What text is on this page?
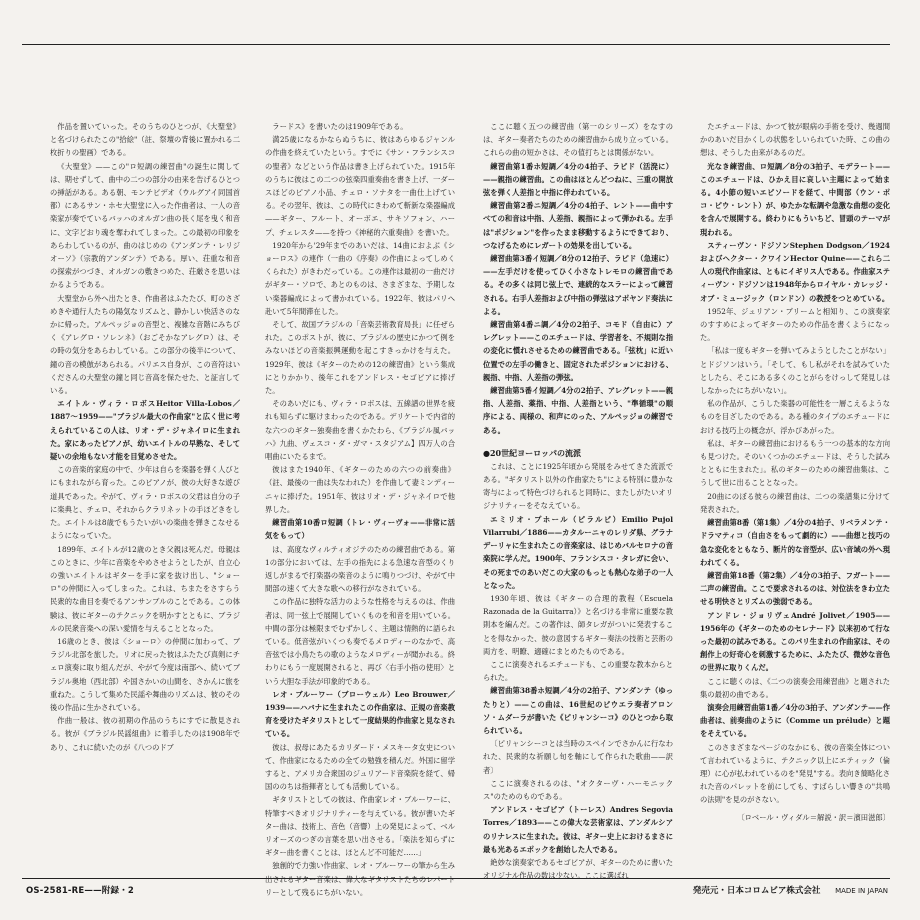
作品を置いていった。そのうちのひとつが、《大聖堂》と名づけられたこの"拾絵"（註、祭壇の背後に置かれる二枚折りの聖画）である。

《大聖堂》——この"ロ短調の練習曲"の誕生に関しては、期せずして、曲中の二つの部分の由来を告げるひとつの挿話がある。ある朝、モンテビデオ（ウルグアイ同国首都）にあるサン・ホセ大聖堂に入った作曲者は、一人の音楽家が奏でているバッハのオルガン曲の長く尾を曳く和音に、文字どおり魂を奪われてしまった。この最初の印象をあらわしているのが、曲のはじめの《アンダンテ・レリジオーソ》（宗教的アンダンテ）である。厚い、荘重な和音の探索がつづき、オルガンの敷きつめた、荘厳さを思いはかるようである。

大聖堂から外へ出たとき、作曲者はふたたび、町のさざめきや通行人たちの陽気なリズムと、静かしい快活さのなかに帰った。アルペッジョの音型と、複雑な音階にみちびく《アレグロ・ソレンネ》（おごそかなアレグロ）は、その時の気分をあらわしている。この部分の後半について、鐘の音の模倣があられる。パリエス自身が、この音符はいくださんの大聖堂の鐘と同じ音高を保たせた、と証言している。

エイトル・ヴィラ・ロボスHeitor Villa-Lobos／1887〜1959——"ブラジル最大の作曲家"と広く世に考えられているこの人は、リオ・デ・ジャネイロに生まれた。家にあったピアノが、幼いエイトルの早熟な、そして疑いの余地もない才能を目覚めさせた。

この音楽的家庭の中で、少年は自らを楽器を弾く人びとにもまれながら育った。このピアノが、彼の大好きな遊び道具であった。やがて、ヴィラ・ロボスの父君は自分の子に楽典と、チェロ、それからクラリネットの手ほどきをした。エイトルは8歳でもうたいがいの楽曲を弾きこなせるようになっていた。

1899年、エイトルが12歳のとき父親は死んだ。母親はこのときに、少年に音楽をやめさせようとしたが、自立心の強いエイトルはギターを手に家を抜け出し、"ショーロ"の仲間に入ってしまった。これは、ちまたをさすらう民衆的な曲目を奏でるアンサンブルのことである。この体験は、彼にギターのテクニックを明かすとともに、ブラジルの民衆音楽への深い愛情を与えることとなった。

16歳のとき、彼は〈ショーロ〉の仲間に加わって、ブラジル北部を旅した。リオに戻った彼はふたたび真剣にチェロ演奏に取り組んだが、やがて今度は南部へ、続いてブラジル奥地（西北部）や国さかいの山間を、さかんに旅を重ねた。こうして集めた民謡や舞曲のリズムは、彼のその後の作品に生かされている。

作曲一般は、彼の初期の作品のうちにすでに散見される。彼が《ブラジル民謡組曲》に着手したのは1908年であり、これに続いたのが《八つのドブ

ラードス》を書いたのは1909年である。

満25歳になるかならぬうちに、彼はあらゆるジャンルの作曲を終えていたという。すでに《サン・フランシスコの聖者》などという作品は書き上げられていた。1915年のうちに彼はこの二つの弦楽四重奏曲を書き上げ、一ダースほどのピアノ小品、チェロ・ソナタを一曲仕上げている。その翌年、彼は、この時代にきわめて斬新な楽器編成——ギター、フルート、オーボエ、サキソフォン、ハープ、チェレスタ——を持つ《神秘的六重奏曲》を書いた。

1920年から'29年までのあいだは、14曲におよぶ《ショーロス》の連作（一曲の《序奏》の作曲によってしめくくられた）がきわだっている。この連作は最初の一曲だけがギター・ソロで、あとのものは、さまざまな、予期しない楽器編成によって書かれている。1922年、彼はパリへ赴いて5年間滞在した。

そして、故国ブラジルの「音楽芸術教育局長」に任ぜられた。このポストが、彼に、ブラジルの歴史にかつて例をみないほどの音楽振興運動を起こすきっかけを与えた。1929年、彼は《ギターのための12の練習曲》という集成にとりかかり、後年これをアンドレス・セゴビアに捧げた。

そのあいだにも、ヴィラ・ロボスは、五線譜の世界を疲れも知らずに駆けまわったのである。デリケートで内省的な六つのギター独奏曲を書くかたわら、《ブラジル風バッハ》九曲、ヴェスコ・ダ・ガマ・スタジアム】四万人の合唱曲にいたるまで。

彼はまた1940年、《ギターのための六つの前奏曲》（註、最後の一曲は失なわれた）を作曲して妻ミンディーニャに捧げた。1951年、彼はリオ・デ・ジャネイロで他界した。

練習曲第10番ロ短調（トレ・ヴィーヴォ——非常に活気をもって）

は、高度なヴィルティオジテのための練習曲である。第1の部分においては、左手の指先による急速な音型のくり返しがまるで打楽器の楽音のように鳴りつづけ、やがて中間部の速くて大きな歌への移行がなされている。

この作品に独特な活力のような性格を与えるのは、作曲者は、同一弦上で展開していくものを和音を用いている。中間の部分は極限までむずかしく、主題は情熱的に語られている。低音弦がいくつも奏でるメロディーのなかで、高音弦では小鳥たちの歌のようなメロディーが聞かれる。終わりにもう一度展開されると、再び〈右手小指の使用〉という大胆な手法が印象的である。

レオ・ブルーワー（ブローウェル）Leo Brouwer／1939——ハバナに生まれたこの作曲家は、正規の音楽教育を受けたギタリストとして一度結果的作曲家と見なされている。

彼は、叔母にあたるカリダード・メスキータ女史について、作曲家になるための全ての勉強を積んだ。外国に留学すると、アメリカ合衆国のジュリアード音楽院を経て、帰国ののちは指揮者としても活動している。

ギタリストとしての彼は、作曲家レオ・ブルーワーに、特筆すべきオリジナリティーを与えている。彼が書いたギター曲は、技術上、音色（音響）上の発見によって、ベルリオーズのつぎの言葉を思い出させる。「楽法を知らずにギター曲を書くことは、ほとんど不可能だ……」

独創的で力強い作曲家、レオ・ブルーワーの筆から生み出されるギター音楽は、偉大なギタリストたちのレパートリーとして残るにちがいない。

ここに聴く五つの練習曲（第一のシリーズ）をなすのは、ギター奏者たちのための練習曲から成り立っている。これらの曲の短かさは、その值打ちとは関係がない。

練習曲第1番ホ短調／4分の4拍子、ラピド（活溌に）——親指の練習曲。この曲はほとんどつねに、三重の開放弦を弾く人差指と中指に伴われている。

練習曲第2番ニ短調／4分の4拍子、レント——曲中すべての和音は中指、人差指、親指によって弾かれる。左手は"ポジション"を作ったまま移動するようにできており、つなげるためにレガートの効果を出している。

練習曲第3番イ短調／8分の12拍子、ラピド（急速に）——左手だけを使ってひく小さなトレモロの練習曲である。その多くは同じ弦上で、連続的なスラーによって練習される。右手人差指および中指の弾弦はアポヤンド奏法による。

練習曲第4番ニ調／4分の2拍子、コモド（自由に）アレグレット——このエチュードは、学習者を、不規則な指の変化に慣れさせるための練習曲である。「弦枕」に近い位置での左手の働きと、固定されたポジションにおける、親指、中指、人差指の弾弦。

練習曲第5番イ短調／4分の2拍子、アレグレット——親指、人差指、薬指、中指、人差指という、"準循環"の順序による、両様の、和声にのった、アルペッジョの練習である。

●20世紀ヨーロッパの流派

これは、ことに1925年頃から発展をみせてきた流派である。"ギタリスト以外の作曲家たち"による特別に豊かな寄与によって特色づけられると同時に、またしがたいオリジナリティーをそなえている。

エミリオ・プホール（ピラルビ）Emilio Pujol Vilarrubi／1886——カタルーニャのレリダ県、グラナデーリャに生まれたこの音楽家は、はじめバルセロナの音楽院に学んだ。1900年、フランシスコ・タレガに会い、その死までのあいだこの大家のもっとも熱心な弟子の一人となった。

1930年頃、彼は《ギターの合理的教程（Escuela Razonada de la Guitarra）》と名づける非常に重要な教則本を編んだ。この著作は、師タレガがついに発表することを得なかった、彼の意図するギター奏法の技術と芸術の両方を、明瞭、適確にまとめたものである。

ここに演奏されるエチュードも、この重要な教本からとられた。

練習曲第38番ホ短調／4分の2拍子、アンダンテ（ゆったりと）——この曲は、16世紀のビウエラ奏者アロンソ・ムダーラが書いた《ピリャンシーコ》のひとつから取られている。

〔ピリャンシーコとは当時のスペインでさかんに行なわれた、民衆的な祈願し旬を軸にして作られた歌曲——訳者〕

ここに演奏されるのは、"オクターヴ・ハーモニックス"のためのものである。

アンドレス・セゴビア（トーレス）Andres Segovia Torres／1893——この偉大な芸術家は、アンダルシアのリナレスに生まれた。彼は、ギター史上におけるまさに最も光あるエポックを創始した人である。

絶妙な演奏家であるセゴビアが、ギターのために書いたオリジナル作品の数は少ない。ここに選ばれ

たエチュードは、かつて彼が眼病の手術を受け、幾週間かのあいだ目かくしの状態をしいられていた時、この曲の想は、そうした由来があるのだ。

光なき練習曲、ロ短調／8分の3拍子、モデラート——このエチュードは、ひかえ目に哀しい主題によって始まる。4小節の短いエピソードを経て、中間部（ウン・ポコ・ピウ・レント）が、ゆたかな転調や急激な曲想の変化を含んで展開する。終わりにもういちど、冒頭のテーマが現われる。

スティーヴン・ドジソンStephen Dodgson／1924およびヘクター・クワインHector Quine——これら二人の現代作曲家は、ともにイギリス人である。作曲家スティーヴン・ドジソンは1948年からロイヤル・カレッジ・オブ・ミュージック（ロンドン）の教授をつとめている。

1952年、ジュリアン・ブリームと相知り、この演奏家のすすめによってギターのための作品を書くようになった。

「私は一度もギターを弾いてみようとしたことがない」とドジソンはいう。「そして、もし私がそれを試みていたとしたら、そこにある多くのことがらをけっして発見しはしなかったにちがいない」。

私の作品が、こうした楽器の可能性を一層こえるようなものを目ざしたのである。ある種のタイプのエチュードにおける技巧上の概念が、浮かびあがった。

私は、ギターの練習曲におけるもう一つの基本的な方向も見つけた。そのいくつかのエチュードは、そうした試みとともに生まれた」。私のギターのための練習曲集は、こうして世に出ることとなった。

20曲にのぼる彼らの練習曲は、二つの楽譜集に分けて発表された。

練習曲第8番（第1集）／4分の4拍子、リベラメンテ・ドラマティコ（自由さをもって劇的に）——曲想と技巧の急な変化をともなう、断片的な音型が、広い音域の外へ現われてくる。

練習曲第18番（第2集）／4分の3拍子、フガート——二声の練習曲。ここで要求されるのは、対位法をきわ立たせる明快さとリズムの強弱である。

アンドレ・ジョリヴェAndré Jolivet／1905——1956年の《ギターのためのセレナード》以来初めて行なった最初の試みである。このパリ生まれの作曲家は、その創作上の好奇心を刺激するために、ふたたび、微妙な音色の世界に取りくんだ。

ここに聴くのは、《二つの演奏会用練習曲》と題された集の最初の曲である。

演奏会用練習曲第1番／4分の3拍子、アンダンテ——作曲者は、前奏曲のように（Comme un prélude）と題をそえている。

このさまざまなページのなかにも、彼の音楽全体について言われているように、テクニック以上にエティック（倫理）に心が払われているのを"発見"する。表向き簡略化された音のパレットを前にしても、すばらしい響きの"共鳴の法則"を見のがさない。

〔ロベール・ヴィダル＝解説・訳＝濱田滋郎〕

OS-2581-RE——附録・2	発売元・日本コロムビア株式会社 MADE IN JAPAN
